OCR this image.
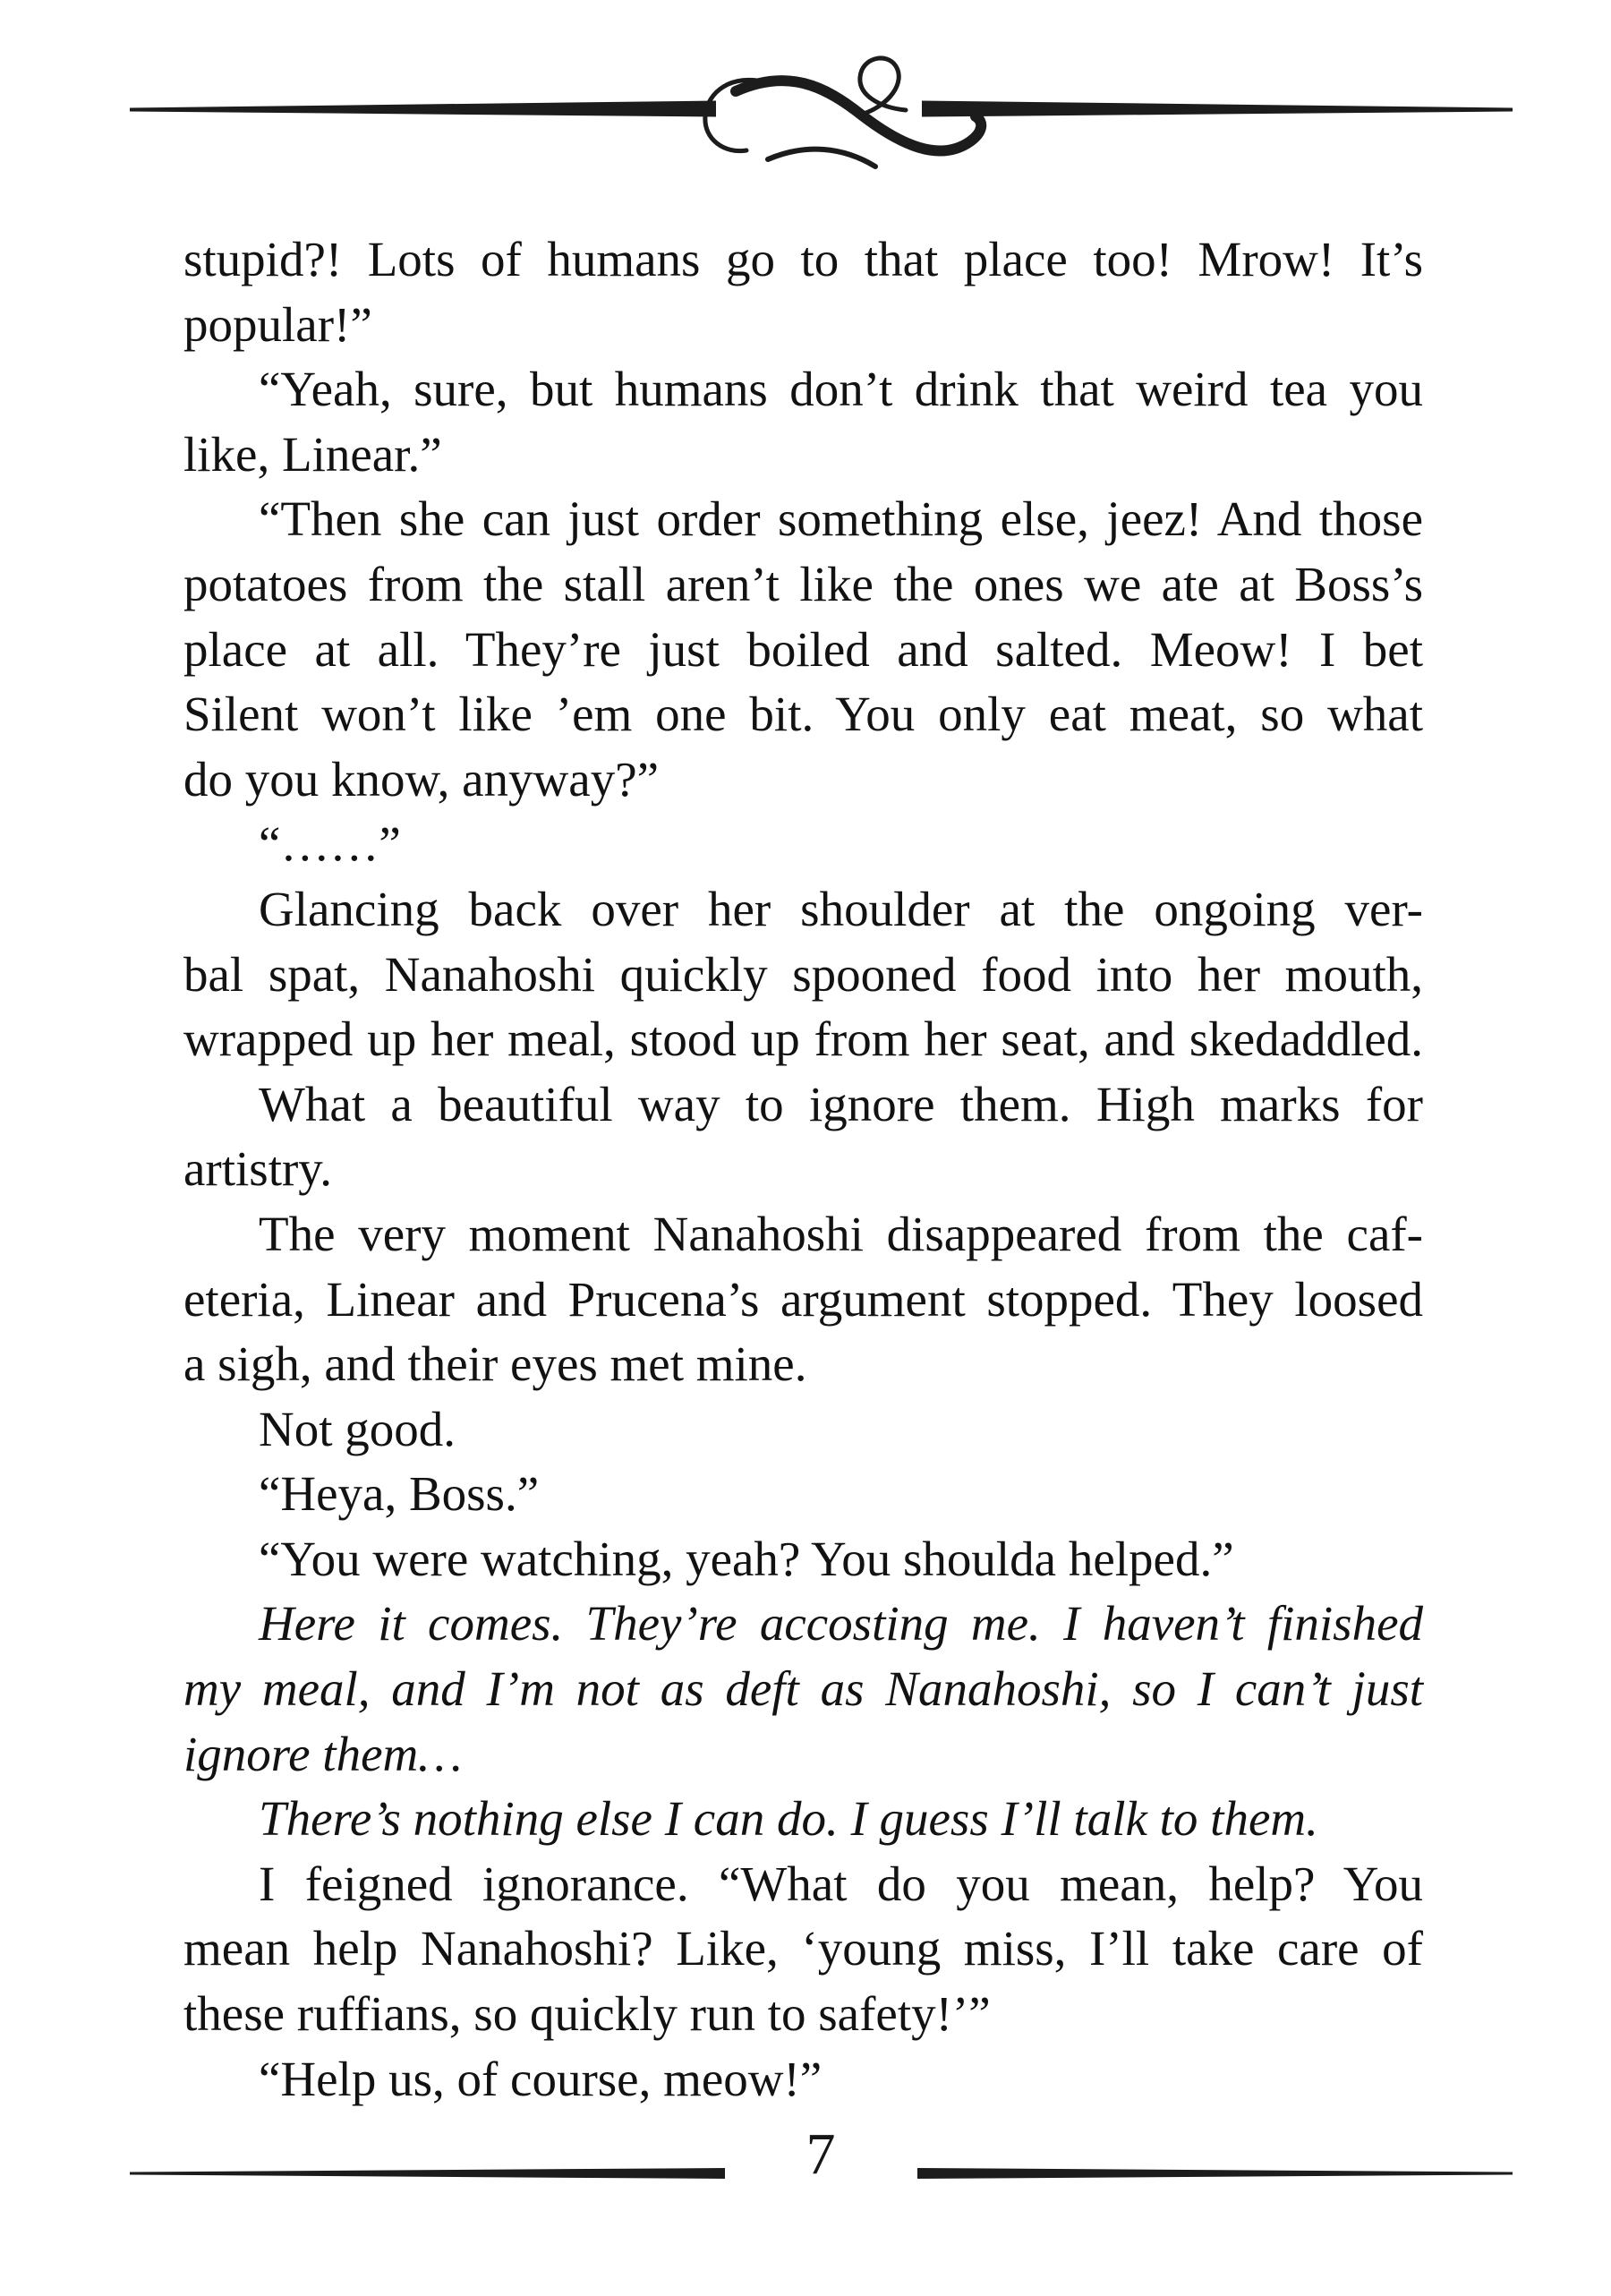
stupid?! Lots of humans go to that place too! Mrow! It’s
popular!”
“Yeah, sure, but humans don’t drink that weird tea you
like, Linear.”
“Then she can just order something else, jeez! And those
potatoes from the stall aren’t like the ones we ate at Boss’s
place at all. They’re just boiled and salted. Meow! I bet
Silent won’t like ’em one bit. You only eat meat, so what
do you know, anyway?”
“……”
Glancing back over her shoulder at the ongoing ver-
bal spat, Nanahoshi quickly spooned food into her mouth,
wrapped up her meal, stood up from her seat, and skedaddled.
What a beautiful way to ignore them. High marks for
artistry.
The very moment Nanahoshi disappeared from the caf-
eteria, Linear and Prucena’s argument stopped. They loosed
a sigh, and their eyes met mine.
Not good.
“Heya, Boss.”
“You were watching, yeah? You shoulda helped.”
Here it comes. They’re accosting me. I haven’t finished
my meal, and I’m not as deft as Nanahoshi, so I can’t just
ignore them…
There’s nothing else I can do. I guess I’ll talk to them.
I feigned ignorance. “What do you mean, help? You
mean help Nanahoshi? Like, ‘young miss, I’ll take care of
these ruffians, so quickly run to safety!’”
“Help us, of course, meow!”
7
